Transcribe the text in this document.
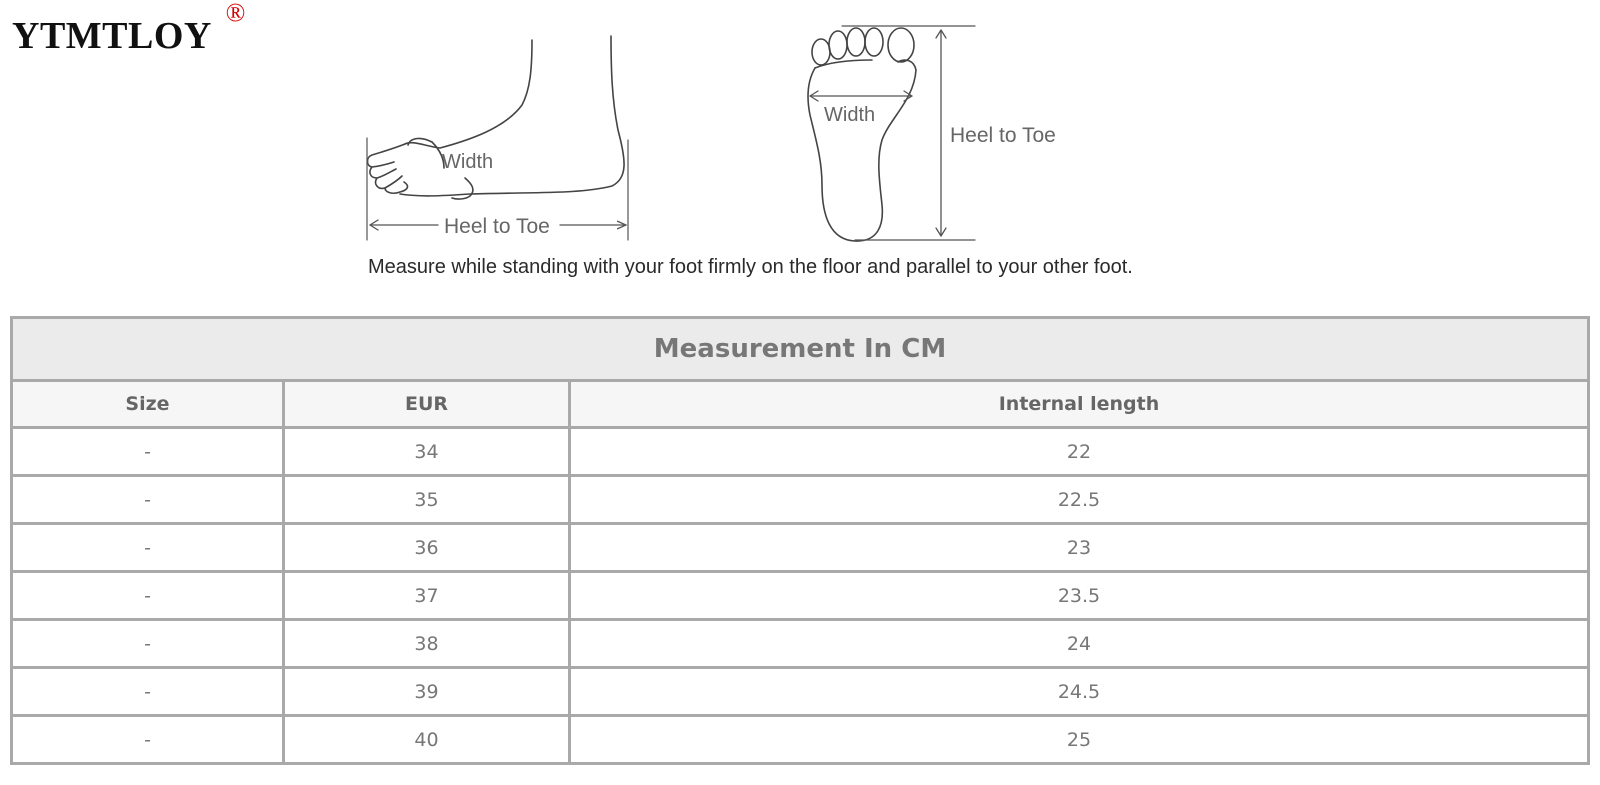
YTMTLOY
®
Width
Heel to Toe
Width
Heel to Toe
Measure while standing with your foot firmly on the floor and parallel to your other foot.
Measurement In CM		
Size	EUR	Internal length
-	34	22
-	35	22.5
-	36	23
-	37	23.5
-	38	24
-	39	24.5
-	40	25
